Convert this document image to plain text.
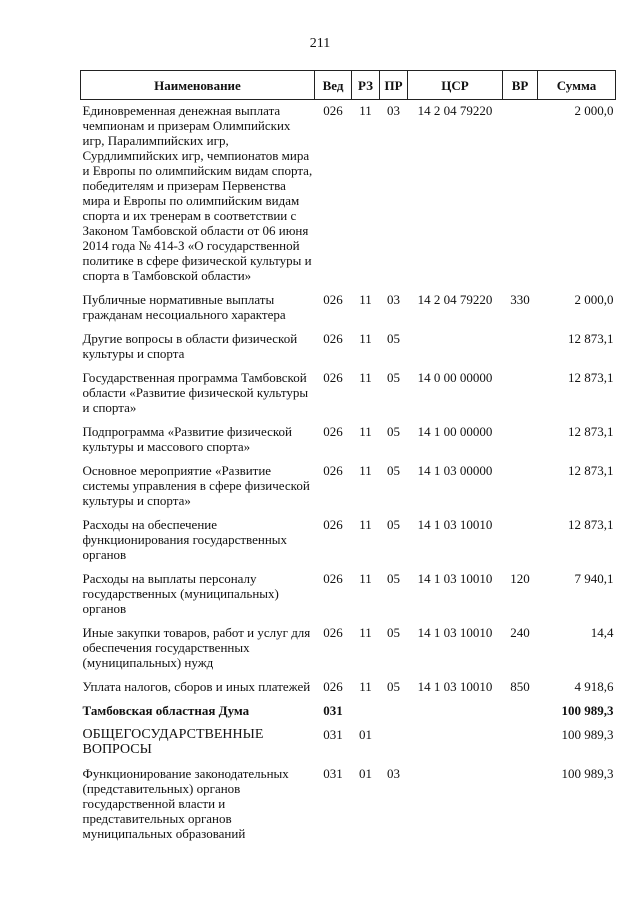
211
Наименование	Вед	РЗ	ПР	ЦСР	ВР	Сумма
Единовременная денежная выплата чемпионам и призерам Олимпийских игр, Паралимпийских игр, Сурдлимпийских игр, чемпионатов мира и Европы по олимпийским видам спорта, победителям и призерам Первенства мира и Европы по олимпийским видам спорта и их тренерам в соответствии с Законом Тамбовской области от 06 июня 2014 года № 414-З «О государственной политике в сфере физической культуры и спорта в Тамбовской области»	026	11	03	14 2 04 79220		2 000,0
Публичные нормативные выплаты гражданам несоциального характера	026	11	03	14 2 04 79220	330	2 000,0
Другие вопросы в области физической культуры и спорта	026	11	05			12 873,1
Государственная программа Тамбовской области «Развитие физической культуры и спорта»	026	11	05	14 0 00 00000		12 873,1
Подпрограмма «Развитие физической культуры и массового спорта»	026	11	05	14 1 00 00000		12 873,1
Основное мероприятие «Развитие системы управления в сфере физической культуры и спорта»	026	11	05	14 1 03 00000		12 873,1
Расходы на обеспечение функционирования государственных органов	026	11	05	14 1 03 10010		12 873,1
Расходы на выплаты персоналу государственных (муниципальных) органов	026	11	05	14 1 03 10010	120	7 940,1
Иные закупки товаров, работ и услуг для обеспечения государственных (муниципальных) нужд	026	11	05	14 1 03 10010	240	14,4
Уплата налогов, сборов и иных платежей	026	11	05	14 1 03 10010	850	4 918,6
Тамбовская областная Дума	031					100 989,3
ОБЩЕГОСУДАРСТВЕННЫЕ ВОПРОСЫ	031	01				100 989,3
Функционирование законодательных (представительных) органов государственной власти и представительных органов муниципальных образований	031	01	03			100 989,3
